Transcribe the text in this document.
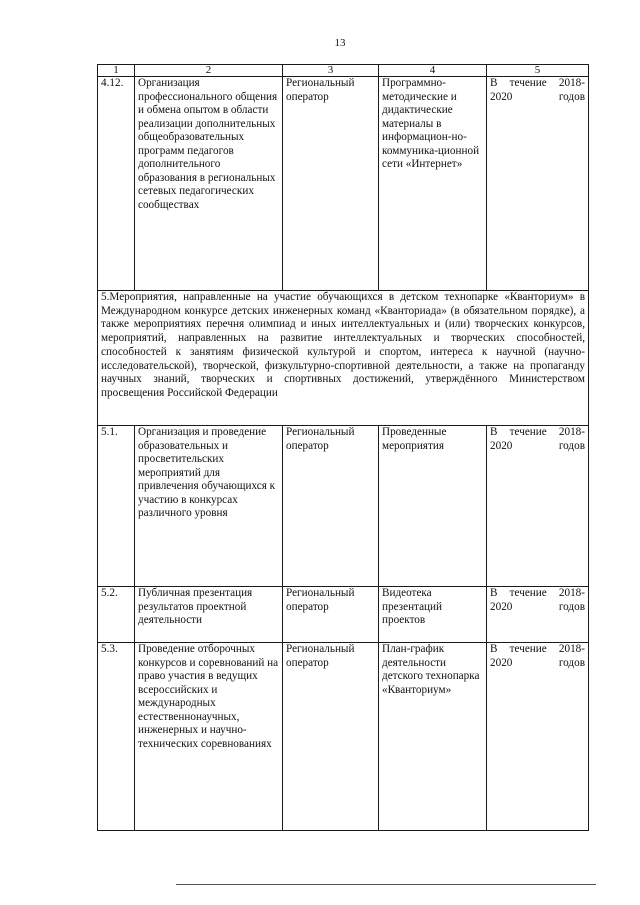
13
1	2	3	4	5
4.12.	Организация профессионального общения и обмена опытом в области реализации дополнительных общеобразовательных программ педагогов дополнительного образования в региональных сетевых педагогических сообществах	Региональный оператор	Программно-методические и дидактические материалы в информацион-но-коммуника-ционной сети «Интернет»	В течение 2018-2020 годов

5.Мероприятия, направленные на участие обучающихся в детском технопарке «Кванториум» в Международном конкурсе детских инженерных команд «Кванториада» (в обязательном порядке), а также мероприятиях перечня олимпиад и иных интеллектуальных и (или) творческих конкурсов, мероприятий, направленных на развитие интеллектуальных и творческих способностей, способностей к занятиям физической культурой и спортом, интереса к научной (научно-исследовательской), творческой, физкультурно-спортивной деятельности, а также на пропаганду научных знаний, творческих и спортивных достижений, утверждённого Министерством просвещения Российской Федерации				
5.1.	Организация и проведение образовательных и просветительских мероприятий для привлечения обучающихся к участию в конкурсах различного уровня	Региональный оператор	Проведенные мероприятия	В течение 2018-2020 годов

5.2.	Публичная презентация результатов проектной деятельности	Региональный оператор	Видеотека презентаций проектов	В течение 2018-2020 годов

5.3.	Проведение отборочных конкурсов и соревнований на право участия в ведущих всероссийских и международных естественнонаучных, инженерных и научно-технических соревнованиях	Региональный оператор	План-график деятельности детского технопарка «Кванториум»	В течение 2018-2020 годов
